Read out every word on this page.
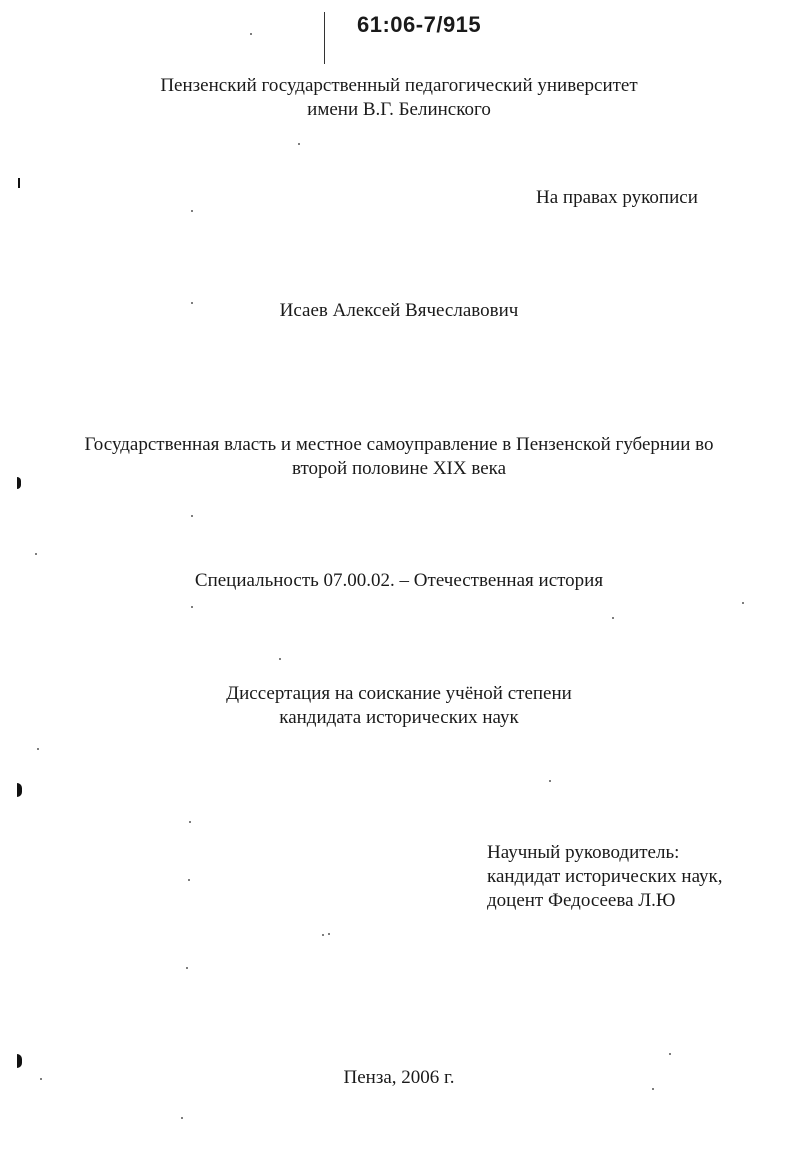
61:06-7/915
Пензенский государственный педагогический университет
имени В.Г. Белинского
На правах рукописи
Исаев Алексей Вячеславович
Государственная власть и местное самоуправление в Пензенской губернии во
второй половине XIX века
Специальность 07.00.02. – Отечественная история
Диссертация на соискание учёной степени
кандидата исторических наук
Научный руководитель:
кандидат исторических наук,
доцент Федосеева Л.Ю
Пенза, 2006 г.
